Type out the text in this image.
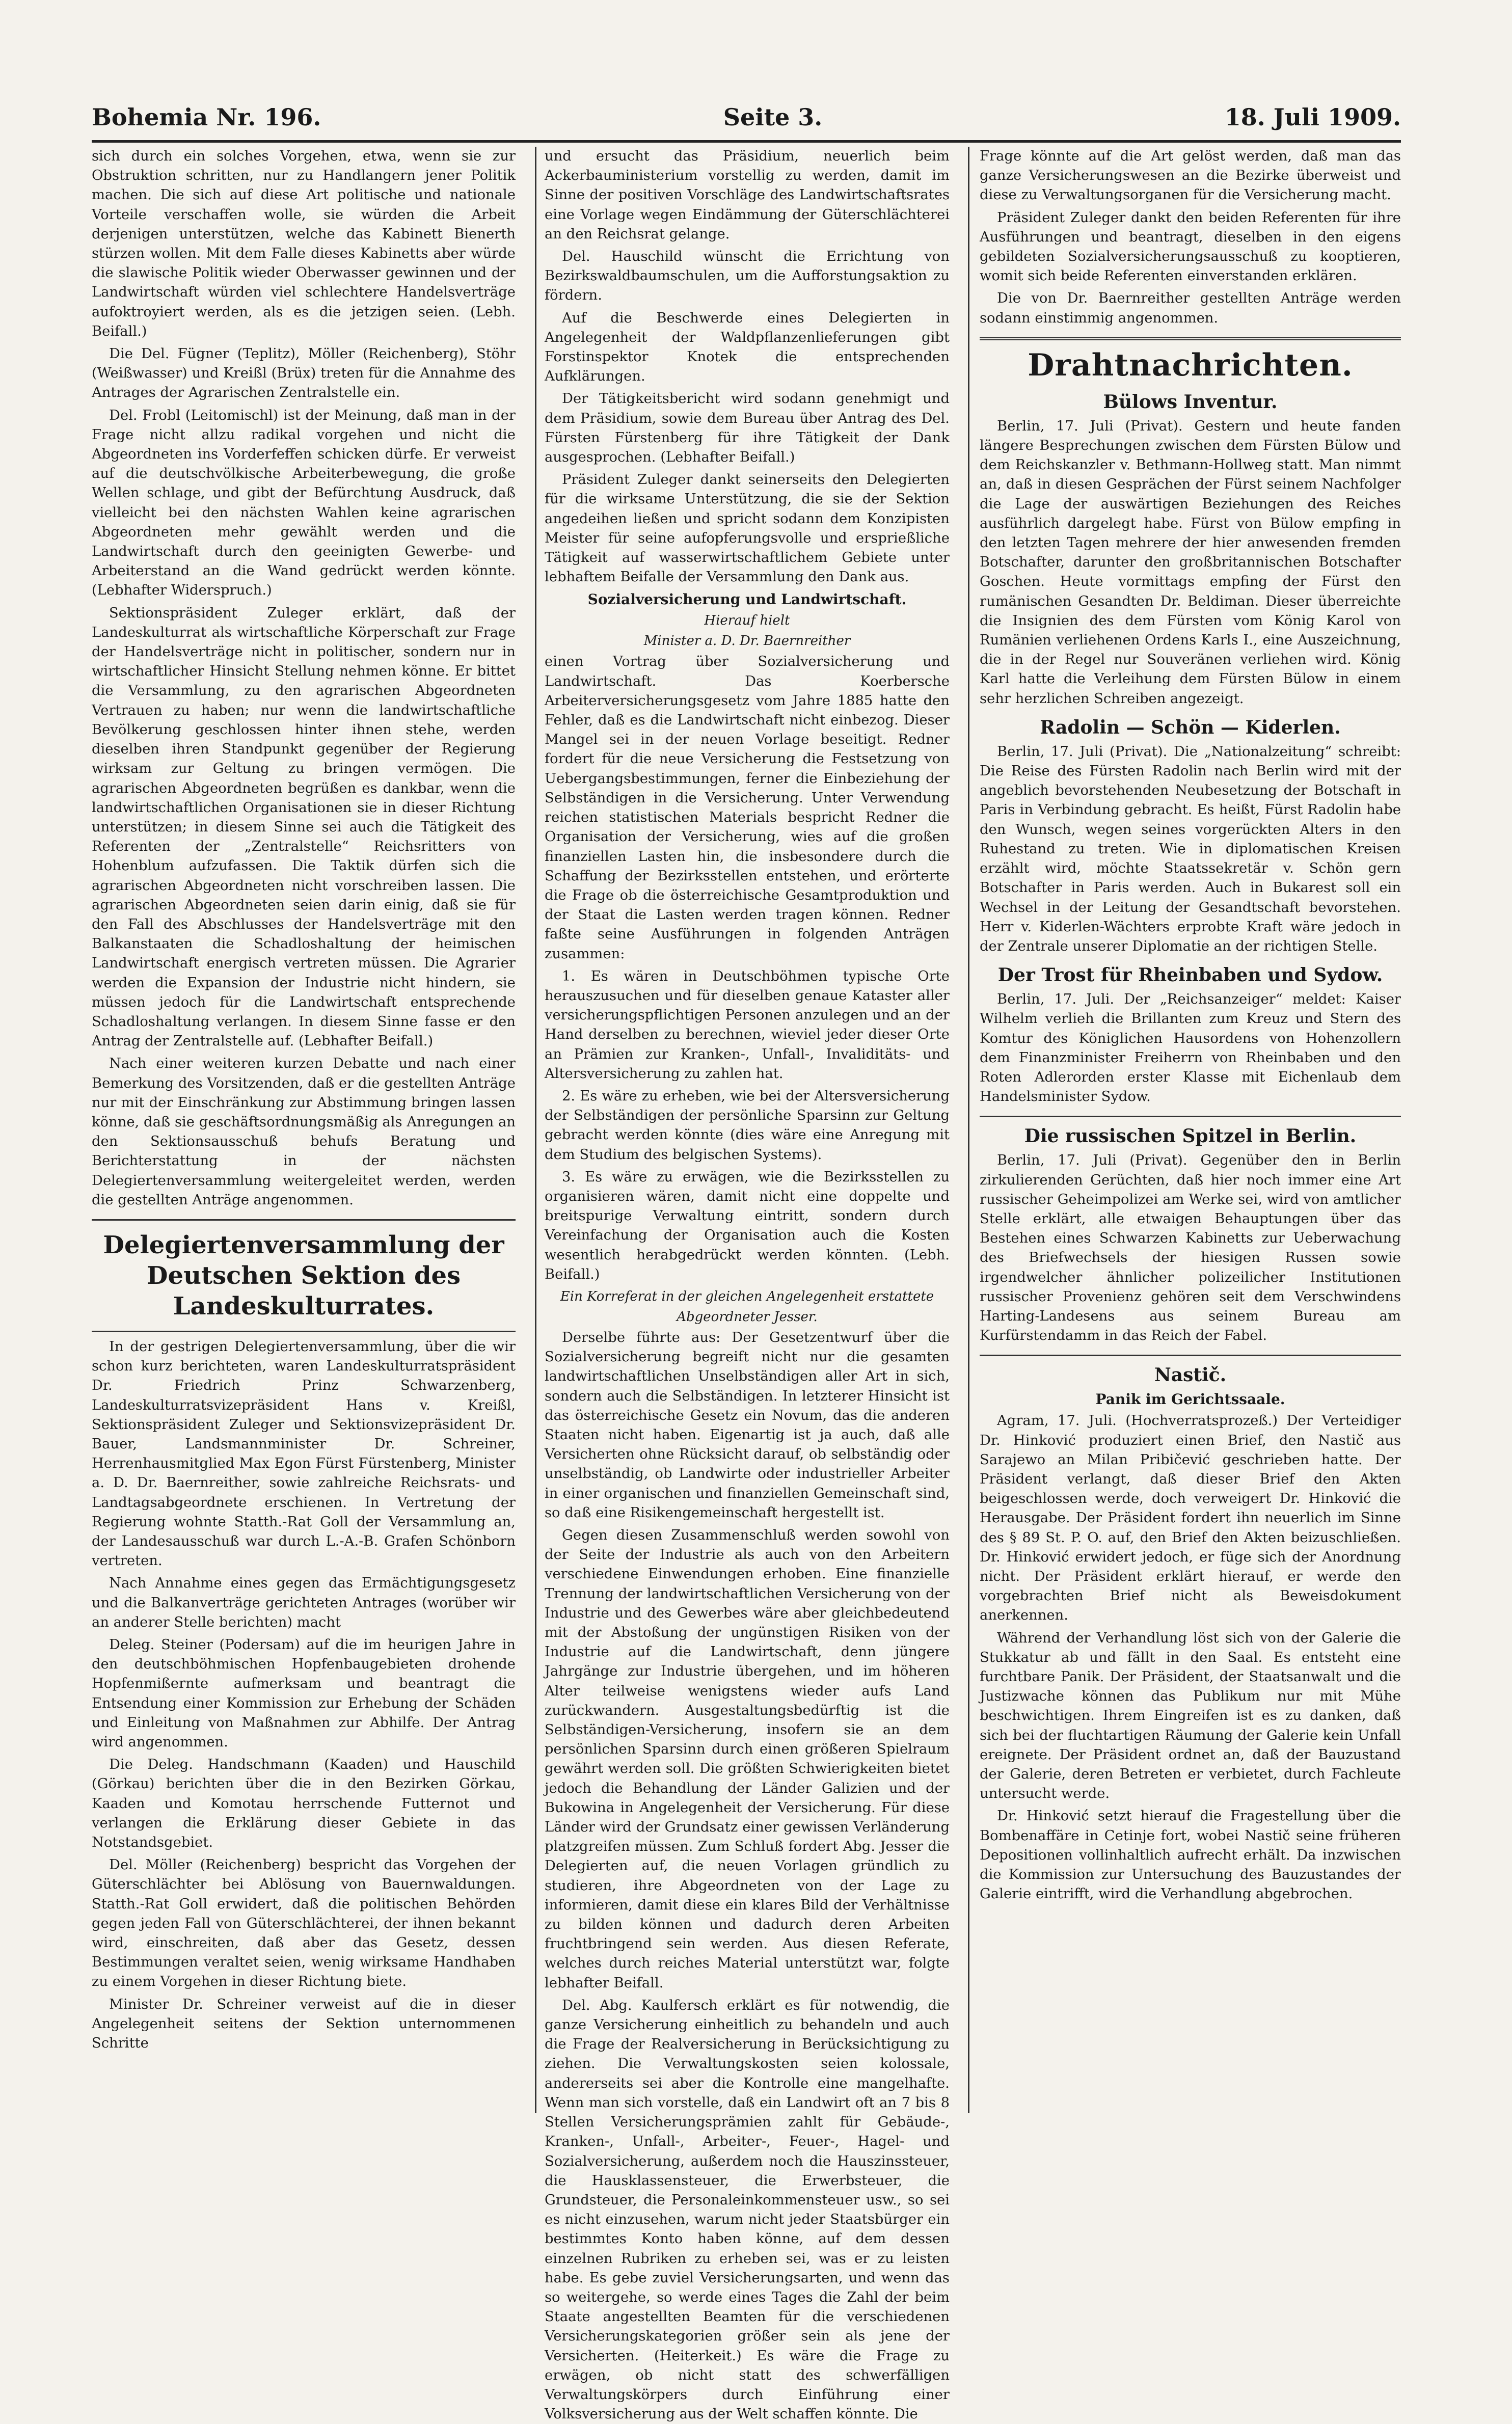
Bohemia Nr. 196.	Seite 3.	18. Juli 1909.

sich durch ein solches Vorgehen, etwa, wenn sie zur Obstruktion schritten, nur zu Handlangern jener Politik machen. Die sich auf diese Art politische und nationale Vorteile verschaffen wolle, sie würden die Arbeit derjenigen unterstützen, welche das Kabinett Bienerth stürzen wollen. Mit dem Falle dieses Kabinetts aber würde die slawische Politik wieder Oberwasser gewinnen und der Landwirtschaft würden viel schlechtere Handelsverträge aufoktroyiert werden, als es die jetzigen seien. (Lebh. Beifall.)

Die Del. Fügner (Teplitz), Möller (Reichenberg), Stöhr (Weißwasser) und Kreißl (Brüx) treten für die Annahme des Antrages der Agrarischen Zentralstelle ein.

Del. Frobl (Leitomischl) ist der Meinung, daß man in der Frage nicht allzu radikal vorgehen und nicht die Abgeordneten ins Vorderfeffen schicken dürfe. Er verweist auf die deutschvölkische Arbeiterbewegung, die große Wellen schlage, und gibt der Befürchtung Ausdruck, daß vielleicht bei den nächsten Wahlen keine agrarischen Abgeordneten mehr gewählt werden und die Landwirtschaft durch den geeinigten Gewerbe- und Arbeiterstand an die Wand gedrückt werden könnte. (Lebhafter Widerspruch.)

Sektionspräsident Zuleger erklärt, daß der Landeskulturrat als wirtschaftliche Körperschaft zur Frage der Handelsverträge nicht in politischer, sondern nur in wirtschaftlicher Hinsicht Stellung nehmen könne. Er bittet die Versammlung, zu den agrarischen Abgeordneten Vertrauen zu haben; nur wenn die landwirtschaftliche Bevölkerung geschlossen hinter ihnen stehe, werden dieselben ihren Standpunkt gegenüber der Regierung wirksam zur Geltung zu bringen vermögen. Die agrarischen Abgeordneten begrüßen es dankbar, wenn die landwirtschaftlichen Organisationen sie in dieser Richtung unterstützen; in diesem Sinne sei auch die Tätigkeit des Referenten der „Zentralstelle“ Reichsritters von Hohenblum aufzufassen. Die Taktik dürfen sich die agrarischen Abgeordneten nicht vorschreiben lassen. Die agrarischen Abgeordneten seien darin einig, daß sie für den Fall des Abschlusses der Handelsverträge mit den Balkanstaaten die Schadloshaltung der heimischen Landwirtschaft energisch vertreten müssen. Die Agrarier werden die Expansion der Industrie nicht hindern, sie müssen jedoch für die Landwirtschaft entsprechende Schadloshaltung verlangen. In diesem Sinne fasse er den Antrag der Zentralstelle auf. (Lebhafter Beifall.)

Nach einer weiteren kurzen Debatte und nach einer Bemerkung des Vorsitzenden, daß er die gestellten Anträge nur mit der Einschränkung zur Abstimmung bringen lassen könne, daß sie geschäftsordnungsmäßig als Anregungen an den Sektionsausschuß behufs Beratung und Berichterstattung in der nächsten Delegiertenversammlung weitergeleitet werden, werden die gestellten Anträge angenommen.

Delegiertenversammlung der Deutschen Sektion des Landeskulturrates.

In der gestrigen Delegiertenversammlung, über die wir schon kurz berichteten, waren Landeskulturratspräsident Dr. Friedrich Prinz Schwarzenberg, Landeskulturratsvizepräsident Hans v. Kreißl, Sektionspräsident Zuleger und Sektionsvizepräsident Dr. Bauer, Landsmannminister Dr. Schreiner, Herrenhausmitglied Max Egon Fürst Fürstenberg, Minister a. D. Dr. Baernreither, sowie zahlreiche Reichsrats- und Landtagsabgeordnete erschienen. In Vertretung der Regierung wohnte Statth.-Rat Goll der Versammlung an, der Landesausschuß war durch L.-A.-B. Grafen Schönborn vertreten.

Nach Annahme eines gegen das Ermächtigungsgesetz und die Balkanverträge gerichteten Antrages (worüber wir an anderer Stelle berichten) macht

Deleg. Steiner (Podersam) auf die im heurigen Jahre in den deutschböhmischen Hopfenbaugebieten drohende Hopfenmißernte aufmerksam und beantragt die Entsendung einer Kommission zur Erhebung der Schäden und Einleitung von Maßnahmen zur Abhilfe. Der Antrag wird angenommen.

Die Deleg. Handschmann (Kaaden) und Hauschild (Görkau) berichten über die in den Bezirken Görkau, Kaaden und Komotau herrschende Futternot und verlangen die Erklärung dieser Gebiete in das Notstandsgebiet.

Del. Möller (Reichenberg) bespricht das Vorgehen der Güterschlächter bei Ablösung von Bauernwaldungen. Statth.-Rat Goll erwidert, daß die politischen Behörden gegen jeden Fall von Güterschlächterei, der ihnen bekannt wird, einschreiten, daß aber das Gesetz, dessen Bestimmungen veraltet seien, wenig wirksame Handhaben zu einem Vorgehen in dieser Richtung biete.

Minister Dr. Schreiner verweist auf die in dieser Angelegenheit seitens der Sektion unternommenen Schritte

und ersucht das Präsidium, neuerlich beim Ackerbauministerium vorstellig zu werden, damit im Sinne der positiven Vorschläge des Landwirtschaftsrates eine Vorlage wegen Eindämmung der Güterschlächterei an den Reichsrat gelange.

Del. Hauschild wünscht die Errichtung von Bezirkswaldbaumschulen, um die Aufforstungsaktion zu fördern.

Auf die Beschwerde eines Delegierten in Angelegenheit der Waldpflanzenlieferungen gibt Forstinspektor Knotek die entsprechenden Aufklärungen.

Der Tätigkeitsbericht wird sodann genehmigt und dem Präsidium, sowie dem Bureau über Antrag des Del. Fürsten Fürstenberg für ihre Tätigkeit der Dank ausgesprochen. (Lebhafter Beifall.)

Präsident Zuleger dankt seinerseits den Delegierten für die wirksame Unterstützung, die sie der Sektion angedeihen ließen und spricht sodann dem Konzipisten Meister für seine aufopferungsvolle und ersprießliche Tätigkeit auf wasserwirtschaftlichem Gebiete unter lebhaftem Beifalle der Versammlung den Dank aus.

Sozialversicherung und Landwirtschaft.
Hierauf hielt
Minister a. D. Dr. Baernreither

einen Vortrag über Sozialversicherung und Landwirtschaft. Das Koerbersche Arbeiterversicherungsgesetz vom Jahre 1885 hatte den Fehler, daß es die Landwirtschaft nicht einbezog. Dieser Mangel sei in der neuen Vorlage beseitigt. Redner fordert für die neue Versicherung die Festsetzung von Uebergangsbestimmungen, ferner die Einbeziehung der Selbständigen in die Versicherung. Unter Verwendung reichen statistischen Materials bespricht Redner die Organisation der Versicherung, wies auf die großen finanziellen Lasten hin, die insbesondere durch die Schaffung der Bezirksstellen entstehen, und erörterte die Frage ob die österreichische Gesamtproduktion und der Staat die Lasten werden tragen können. Redner faßte seine Ausführungen in folgenden Anträgen zusammen:

1. Es wären in Deutschböhmen typische Orte herauszusuchen und für dieselben genaue Kataster aller versicherungspflichtigen Personen anzulegen und an der Hand derselben zu berechnen, wieviel jeder dieser Orte an Prämien zur Kranken-, Unfall-, Invaliditäts- und Altersversicherung zu zahlen hat.

2. Es wäre zu erheben, wie bei der Altersversicherung der Selbständigen der persönliche Sparsinn zur Geltung gebracht werden könnte (dies wäre eine Anregung mit dem Studium des belgischen Systems).

3. Es wäre zu erwägen, wie die Bezirksstellen zu organisieren wären, damit nicht eine doppelte und breitspurige Verwaltung eintritt, sondern durch Vereinfachung der Organisation auch die Kosten wesentlich herabgedrückt werden könnten. (Lebh. Beifall.)

Ein Korreferat in der gleichen Angelegenheit erstattete
Abgeordneter Jesser.

Derselbe führte aus: Der Gesetzentwurf über die Sozialversicherung begreift nicht nur die gesamten landwirtschaftlichen Unselbständigen aller Art in sich, sondern auch die Selbständigen. In letzterer Hinsicht ist das österreichische Gesetz ein Novum, das die anderen Staaten nicht haben. Eigenartig ist ja auch, daß alle Versicherten ohne Rücksicht darauf, ob selbständig oder unselbständig, ob Landwirte oder industrieller Arbeiter in einer organischen und finanziellen Gemeinschaft sind, so daß eine Risikengemeinschaft hergestellt ist.

Gegen diesen Zusammenschluß werden sowohl von der Seite der Industrie als auch von den Arbeitern verschiedene Einwendungen erhoben. Eine finanzielle Trennung der landwirtschaftlichen Versicherung von der Industrie und des Gewerbes wäre aber gleichbedeutend mit der Abstoßung der ungünstigen Risiken von der Industrie auf die Landwirtschaft, denn jüngere Jahrgänge zur Industrie übergehen, und im höheren Alter teilweise wenigstens wieder aufs Land zurückwandern. Ausgestaltungsbedürftig ist die Selbständigen-Versicherung, insofern sie an dem persönlichen Sparsinn durch einen größeren Spielraum gewährt werden soll. Die größten Schwierigkeiten bietet jedoch die Behandlung der Länder Galizien und der Bukowina in Angelegenheit der Versicherung. Für diese Länder wird der Grundsatz einer gewissen Verländerung platzgreifen müssen. Zum Schluß fordert Abg. Jesser die Delegierten auf, die neuen Vorlagen gründlich zu studieren, ihre Abgeordneten von der Lage zu informieren, damit diese ein klares Bild der Verhältnisse zu bilden können und dadurch deren Arbeiten fruchtbringend sein werden. Aus diesen Referate, welches durch reiches Material unterstützt war, folgte lebhafter Beifall.

Del. Abg. Kaulfersch erklärt es für notwendig, die ganze Versicherung einheitlich zu behandeln und auch die Frage der Realversicherung in Berücksichtigung zu ziehen. Die Verwaltungskosten seien kolossale, andererseits sei aber die Kontrolle eine mangelhafte. Wenn man sich vorstelle, daß ein Landwirt oft an 7 bis 8 Stellen Versicherungsprämien zahlt für Gebäude-, Kranken-, Unfall-, Arbeiter-, Feuer-, Hagel- und Sozialversicherung, außerdem noch die Hauszinssteuer, die Hausklassensteuer, die Erwerbsteuer, die Grundsteuer, die Personaleinkommensteuer usw., so sei es nicht einzusehen, warum nicht jeder Staatsbürger ein bestimmtes Konto haben könne, auf dem dessen einzelnen Rubriken zu erheben sei, was er zu leisten habe. Es gebe zuviel Versicherungsarten, und wenn das so weitergehe, so werde eines Tages die Zahl der beim Staate angestellten Beamten für die verschiedenen Versicherungskategorien größer sein als jene der Versicherten. (Heiterkeit.) Es wäre die Frage zu erwägen, ob nicht statt des schwerfälligen Verwaltungskörpers durch Einführung einer Volksversicherung aus der Welt schaffen könnte. Die

Frage könnte auf die Art gelöst werden, daß man das ganze Versicherungswesen an die Bezirke überweist und diese zu Verwaltungsorganen für die Versicherung macht.

Präsident Zuleger dankt den beiden Referenten für ihre Ausführungen und beantragt, dieselben in den eigens gebildeten Sozialversicherungsausschuß zu kooptieren, womit sich beide Referenten einverstanden erklären.

Die von Dr. Baernreither gestellten Anträge werden sodann einstimmig angenommen.

Drahtnachrichten.
Bülows Inventur.

Berlin, 17. Juli (Privat). Gestern und heute fanden längere Besprechungen zwischen dem Fürsten Bülow und dem Reichskanzler v. Bethmann-Hollweg statt. Man nimmt an, daß in diesen Gesprächen der Fürst seinem Nachfolger die Lage der auswärtigen Beziehungen des Reiches ausführlich dargelegt habe. Fürst von Bülow empfing in den letzten Tagen mehrere der hier anwesenden fremden Botschafter, darunter den großbritannischen Botschafter Goschen. Heute vormittags empfing der Fürst den rumänischen Gesandten Dr. Beldiman. Dieser überreichte die Insignien des dem Fürsten vom König Karol von Rumänien verliehenen Ordens Karls I., eine Auszeichnung, die in der Regel nur Souveränen verliehen wird. König Karl hatte die Verleihung dem Fürsten Bülow in einem sehr herzlichen Schreiben angezeigt.

Radolin — Schön — Kiderlen.

Berlin, 17. Juli (Privat). Die „Nationalzeitung“ schreibt: Die Reise des Fürsten Radolin nach Berlin wird mit der angeblich bevorstehenden Neubesetzung der Botschaft in Paris in Verbindung gebracht. Es heißt, Fürst Radolin habe den Wunsch, wegen seines vorgerückten Alters in den Ruhestand zu treten. Wie in diplomatischen Kreisen erzählt wird, möchte Staatssekretär v. Schön gern Botschafter in Paris werden. Auch in Bukarest soll ein Wechsel in der Leitung der Gesandtschaft bevorstehen. Herr v. Kiderlen-Wächters erprobte Kraft wäre jedoch in der Zentrale unserer Diplomatie an der richtigen Stelle.

Der Trost für Rheinbaben und Sydow.

Berlin, 17. Juli. Der „Reichsanzeiger“ meldet: Kaiser Wilhelm verlieh die Brillanten zum Kreuz und Stern des Komtur des Königlichen Hausordens von Hohenzollern dem Finanzminister Freiherrn von Rheinbaben und den Roten Adlerorden erster Klasse mit Eichenlaub dem Handelsminister Sydow.

Die russischen Spitzel in Berlin.

Berlin, 17. Juli (Privat). Gegenüber den in Berlin zirkulierenden Gerüchten, daß hier noch immer eine Art russischer Geheimpolizei am Werke sei, wird von amtlicher Stelle erklärt, alle etwaigen Behauptungen über das Bestehen eines Schwarzen Kabinetts zur Ueberwachung des Briefwechsels der hiesigen Russen sowie irgendwelcher ähnlicher polizeilicher Institutionen russischer Provenienz gehören seit dem Verschwindens Harting-Landesens aus seinem Bureau am Kurfürstendamm in das Reich der Fabel.

Nastič.
Panik im Gerichtssaale.

Agram, 17. Juli. (Hochverratsprozeß.) Der Verteidiger Dr. Hinković produziert einen Brief, den Nastič aus Sarajewo an Milan Pribičević geschrieben hatte. Der Präsident verlangt, daß dieser Brief den Akten beigeschlossen werde, doch verweigert Dr. Hinković die Herausgabe. Der Präsident fordert ihn neuerlich im Sinne des § 89 St. P. O. auf, den Brief den Akten beizuschließen. Dr. Hinković erwidert jedoch, er füge sich der Anordnung nicht. Der Präsident erklärt hierauf, er werde den vorgebrachten Brief nicht als Beweisdokument anerkennen.

Während der Verhandlung löst sich von der Galerie die Stukkatur ab und fällt in den Saal. Es entsteht eine furchtbare Panik. Der Präsident, der Staatsanwalt und die Justizwache können das Publikum nur mit Mühe beschwichtigen. Ihrem Eingreifen ist es zu danken, daß sich bei der fluchtartigen Räumung der Galerie kein Unfall ereignete. Der Präsident ordnet an, daß der Bauzustand der Galerie, deren Betreten er verbietet, durch Fachleute untersucht werde.

Dr. Hinković setzt hierauf die Fragestellung über die Bombenaffäre in Cetinje fort, wobei Nastič seine früheren Depositionen vollinhaltlich aufrecht erhält. Da inzwischen die Kommission zur Untersuchung des Bauzustandes der Galerie eintrifft, wird die Verhandlung abgebrochen.
